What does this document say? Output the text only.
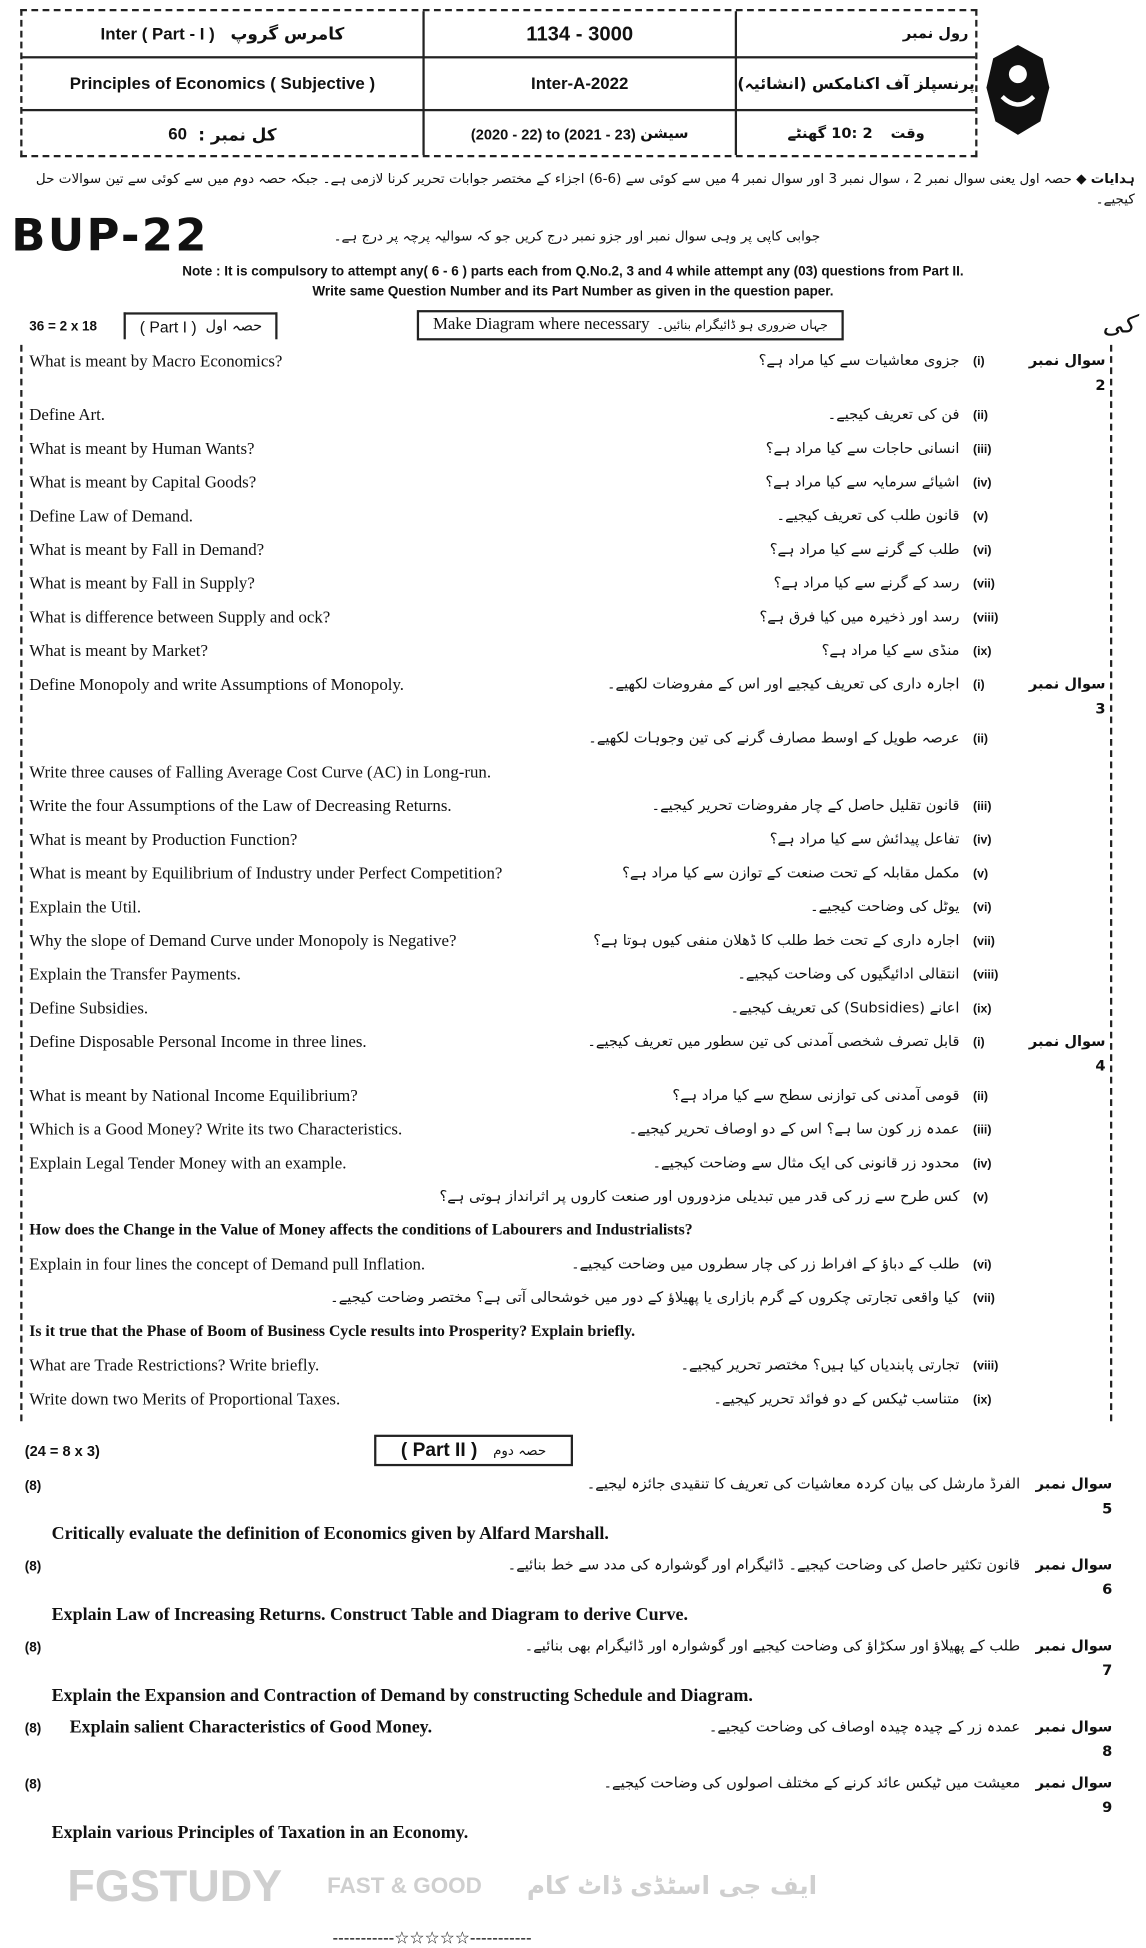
Inter ( Part - I ) کامرس گروپ	1134 - 3000	رول نمبر
Principles of Economics ( Subjective )	Inter-A-2022	پرنسپلز آف اکنامکس (انشائیہ)
60 کل نمبر :	(2020 - 22) to (2021 - 23) سیشن	2 :10 گھنٹے وقت
ہدایات ◆ حصہ اول یعنی سوال نمبر 2 ، سوال نمبر 3 اور سوال نمبر 4 میں سے کوئی سے (6-6) اجزاء کے مختصر جوابات تحریر کرنا لازمی ہے۔ جبکہ حصہ دوم میں سے کوئی سے تین سوالات حل کیجیے۔
BUP-22	جوابی کاپی پر وہی سوال نمبر اور جزو نمبر درج کریں جو کہ سوالیہ پرچہ پر درج ہے۔
Note : It is compulsory to attempt any( 6 - 6 ) parts each from Q.No.2, 3 and 4 while attempt any (03) questions from Part II.
Write same Question Number and its Part Number as given in the question paper.
36 = 2 x 18	( Part I ) حصہ اول	Make Diagram where necessary جہاں ضروری ہو ڈائیگرام بنائیں۔	کی
What is meant by Macro Economics?	جزوی معاشیات سے کیا مراد ہے؟ (i)	سوال نمبر 2
Define Art.	فن کی تعریف کیجیے۔ (ii)
What is meant by Human Wants?	انسانی حاجات سے کیا مراد ہے؟ (iii)
What is meant by Capital Goods?	اشیائے سرمایہ سے کیا مراد ہے؟ (iv)
Define Law of Demand.	قانون طلب کی تعریف کیجیے۔ (v)
What is meant by Fall in Demand?	طلب کے گرنے سے کیا مراد ہے؟ (vi)
What is meant by Fall in Supply?	رسد کے گرنے سے کیا مراد ہے؟ (vii)
What is difference between Supply and ock?	رسد اور ذخیرہ میں کیا فرق ہے؟ (viii)
What is meant by Market?	منڈی سے کیا مراد ہے؟ (ix)
Define Monopoly and write Assumptions of Monopoly.	اجارہ داری کی تعریف کیجیے اور اس کے مفروضات لکھیے۔ (i)	سوال نمبر 3
عرصہ طویل کے اوسط مصارف گرنے کی تین وجوہات لکھیے۔ (ii)
Write three causes of Falling Average Cost Curve (AC) in Long-run.
Write the four Assumptions of the Law of Decreasing Returns.	قانون تقلیل حاصل کے چار مفروضات تحریر کیجیے۔ (iii)
What is meant by Production Function?	تفاعل پیدائش سے کیا مراد ہے؟ (iv)
What is meant by Equilibrium of Industry under Perfect Competition?	مکمل مقابلہ کے تحت صنعت کے توازن سے کیا مراد ہے؟ (v)
Explain the Util.	یوٹل کی وضاحت کیجیے۔ (vi)
Why the slope of Demand Curve under Monopoly is Negative?	اجارہ داری کے تحت خط طلب کا ڈھلان منفی کیوں ہوتا ہے؟ (vii)
Explain the Transfer Payments.	انتقالی ادائیگیوں کی وضاحت کیجیے۔ (viii)
Define Subsidies.	اعانے (Subsidies) کی تعریف کیجیے۔ (ix)
Define Disposable Personal Income in three lines.	قابل تصرف شخصی آمدنی کی تین سطور میں تعریف کیجیے۔ (i)	سوال نمبر 4
What is meant by National Income Equilibrium?	قومی آمدنی کی توازنی سطح سے کیا مراد ہے؟ (ii)
Which is a Good Money? Write its two Characteristics.	عمدہ زر کون سا ہے؟ اس کے دو اوصاف تحریر کیجیے۔ (iii)
Explain Legal Tender Money with an example.	محدود زر قانونی کی ایک مثال سے وضاحت کیجیے۔ (iv)
کس طرح سے زر کی قدر میں تبدیلی مزدوروں اور صنعت کاروں پر اثرانداز ہوتی ہے؟ (v)
How does the Change in the Value of Money affects the conditions of Labourers and Industrialists?
Explain in four lines the concept of Demand pull Inflation.	طلب کے دباؤ کے افراط زر کی چار سطروں میں وضاحت کیجیے۔ (vi)
کیا واقعی تجارتی چکروں کے گرم بازاری یا پھیلاؤ کے دور میں خوشحالی آتی ہے؟ مختصر وضاحت کیجیے۔ (vii)
Is it true that the Phase of Boom of Business Cycle results into Prosperity? Explain briefly.
What are Trade Restrictions? Write briefly.	تجارتی پابندیاں کیا ہیں؟ مختصر تحریر کیجیے۔ (viii)
Write down two Merits of Proportional Taxes.	متناسب ٹیکس کے دو فوائد تحریر کیجیے۔ (ix)
(24 = 8 x 3)	( Part II ) حصہ دوم
(8)	الفرڈ مارشل کی بیان کردہ معاشیات کی تعریف کا تنقیدی جائزہ لیجیے۔ سوال نمبر 5
Critically evaluate the definition of Economics given by Alfard Marshall.
(8)	قانون تکثیر حاصل کی وضاحت کیجیے۔ ڈائیگرام اور گوشوارہ کی مدد سے خط بنائیے۔ سوال نمبر 6
Explain Law of Increasing Returns. Construct Table and Diagram to derive Curve.
(8)	طلب کے پھیلاؤ اور سکڑاؤ کی وضاحت کیجیے اور گوشوارہ اور ڈائیگرام بھی بنائیے۔ سوال نمبر 7
Explain the Expansion and Contraction of Demand by constructing Schedule and Diagram.
(8)	Explain salient Characteristics of Good Money.	عمدہ زر کے چیدہ چیدہ اوصاف کی وضاحت کیجیے۔ سوال نمبر 8
(8)	معیشت میں ٹیکس عائد کرنے کے مختلف اصولوں کی وضاحت کیجیے۔ سوال نمبر 9
Explain various Principles of Taxation in an Economy.
FGSTUDY FAST & GOOD ایف جی اسٹڈی ڈاٹ کام
-----------☆☆☆☆☆-----------
